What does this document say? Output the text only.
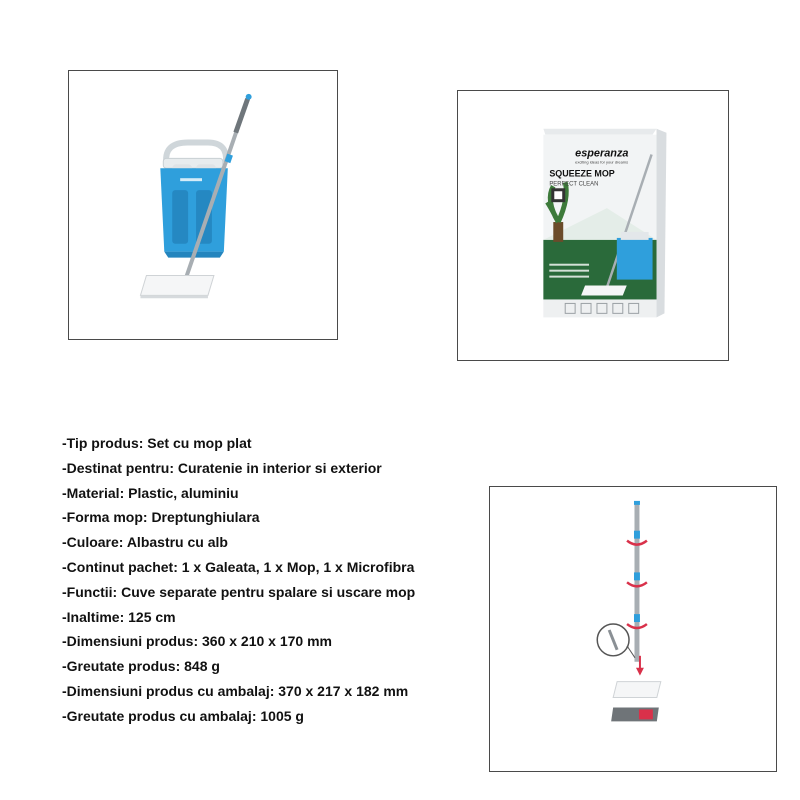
esperanza
exciting ideas for your dreams
SQUEEZE MOP
PERFECT CLEAN
-Tip produs: Set cu mop plat
-Destinat pentru: Curatenie in interior si exterior
-Material: Plastic, aluminiu
-Forma mop: Dreptunghiulara
-Culoare: Albastru cu alb
-Continut pachet: 1 x Galeata, 1 x Mop, 1 x Microfibra
-Functii: Cuve separate pentru spalare si uscare mop
-Inaltime: 125 cm
-Dimensiuni produs: 360 x 210 x 170 mm
-Greutate produs: 848 g
-Dimensiuni produs cu ambalaj: 370 x 217 x 182 mm
-Greutate produs cu ambalaj: 1005 g
